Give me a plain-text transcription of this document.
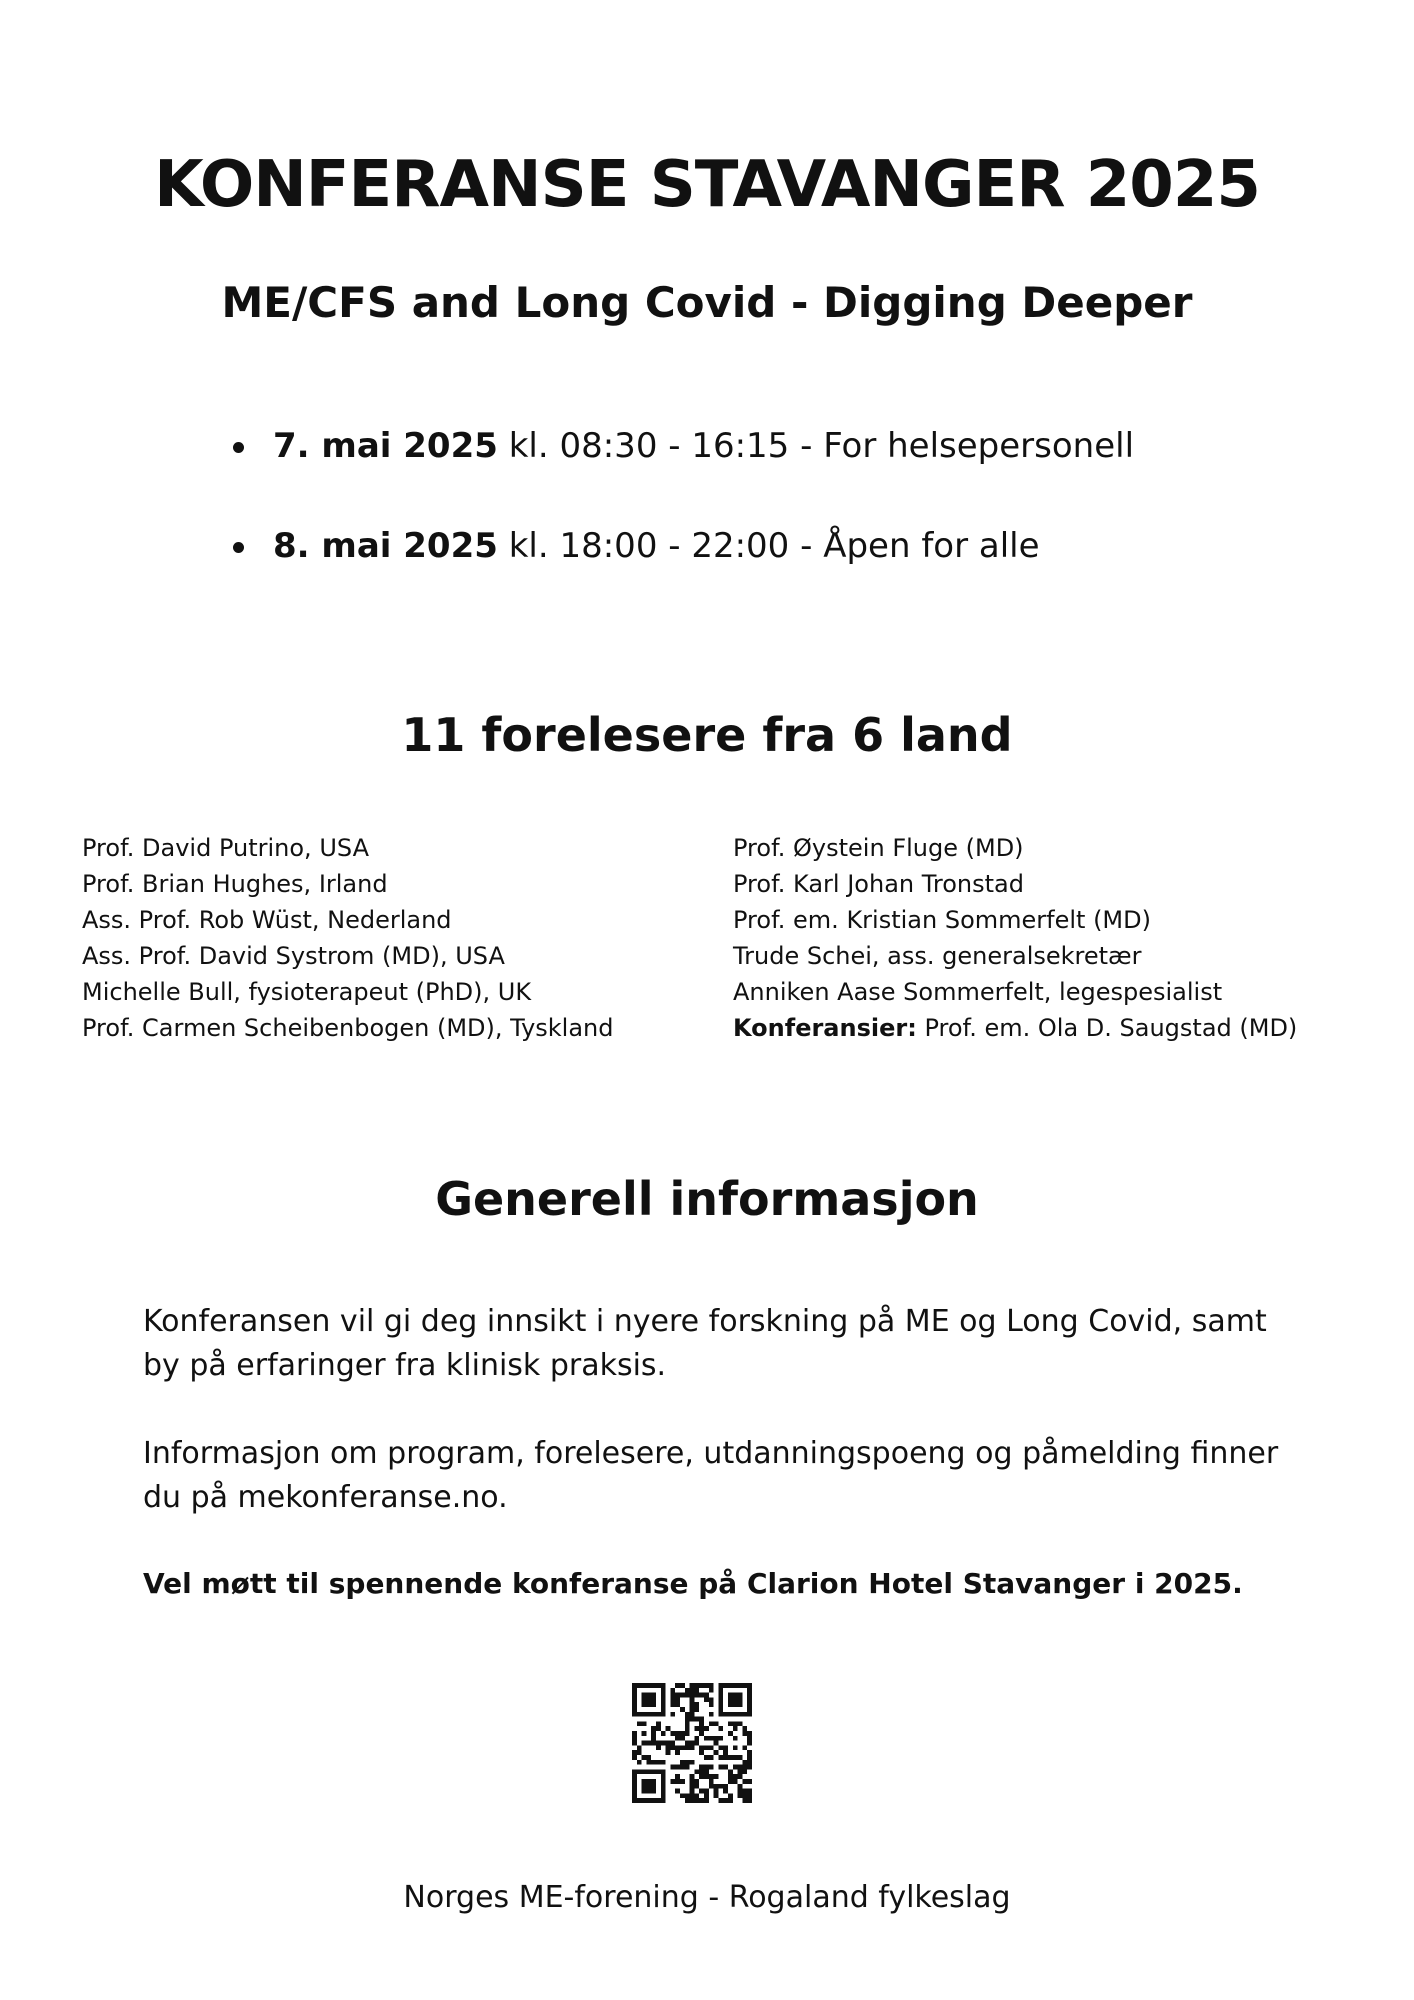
KONFERANSE STAVANGER 2025
ME/CFS and Long Covid - Digging Deeper
7. mai 2025 kl. 08:30 - 16:15 - For helsepersonell
8. mai 2025 kl. 18:00 - 22:00 - Åpen for alle
11 forelesere fra 6 land
Prof. David Putrino, USA
Prof. Brian Hughes, Irland
Ass. Prof. Rob Wüst, Nederland
Ass. Prof. David Systrom (MD), USA
Michelle Bull, fysioterapeut (PhD), UK
Prof. Carmen Scheibenbogen (MD), Tyskland
Prof. Øystein Fluge (MD)
Prof. Karl Johan Tronstad
Prof. em. Kristian Sommerfelt (MD)
Trude Schei, ass. generalsekretær
Anniken Aase Sommerfelt, legespesialist
Konferansier: Prof. em. Ola D. Saugstad (MD)
Generell informasjon
Konferansen vil gi deg innsikt i nyere forskning på ME og Long Covid, samt by på erfaringer fra klinisk praksis.
Informasjon om program, forelesere, utdanningspoeng og påmelding finner du på mekonferanse.no.
Vel møtt til spennende konferanse på Clarion Hotel Stavanger i 2025.
Norges ME-forening - Rogaland fylkeslag
